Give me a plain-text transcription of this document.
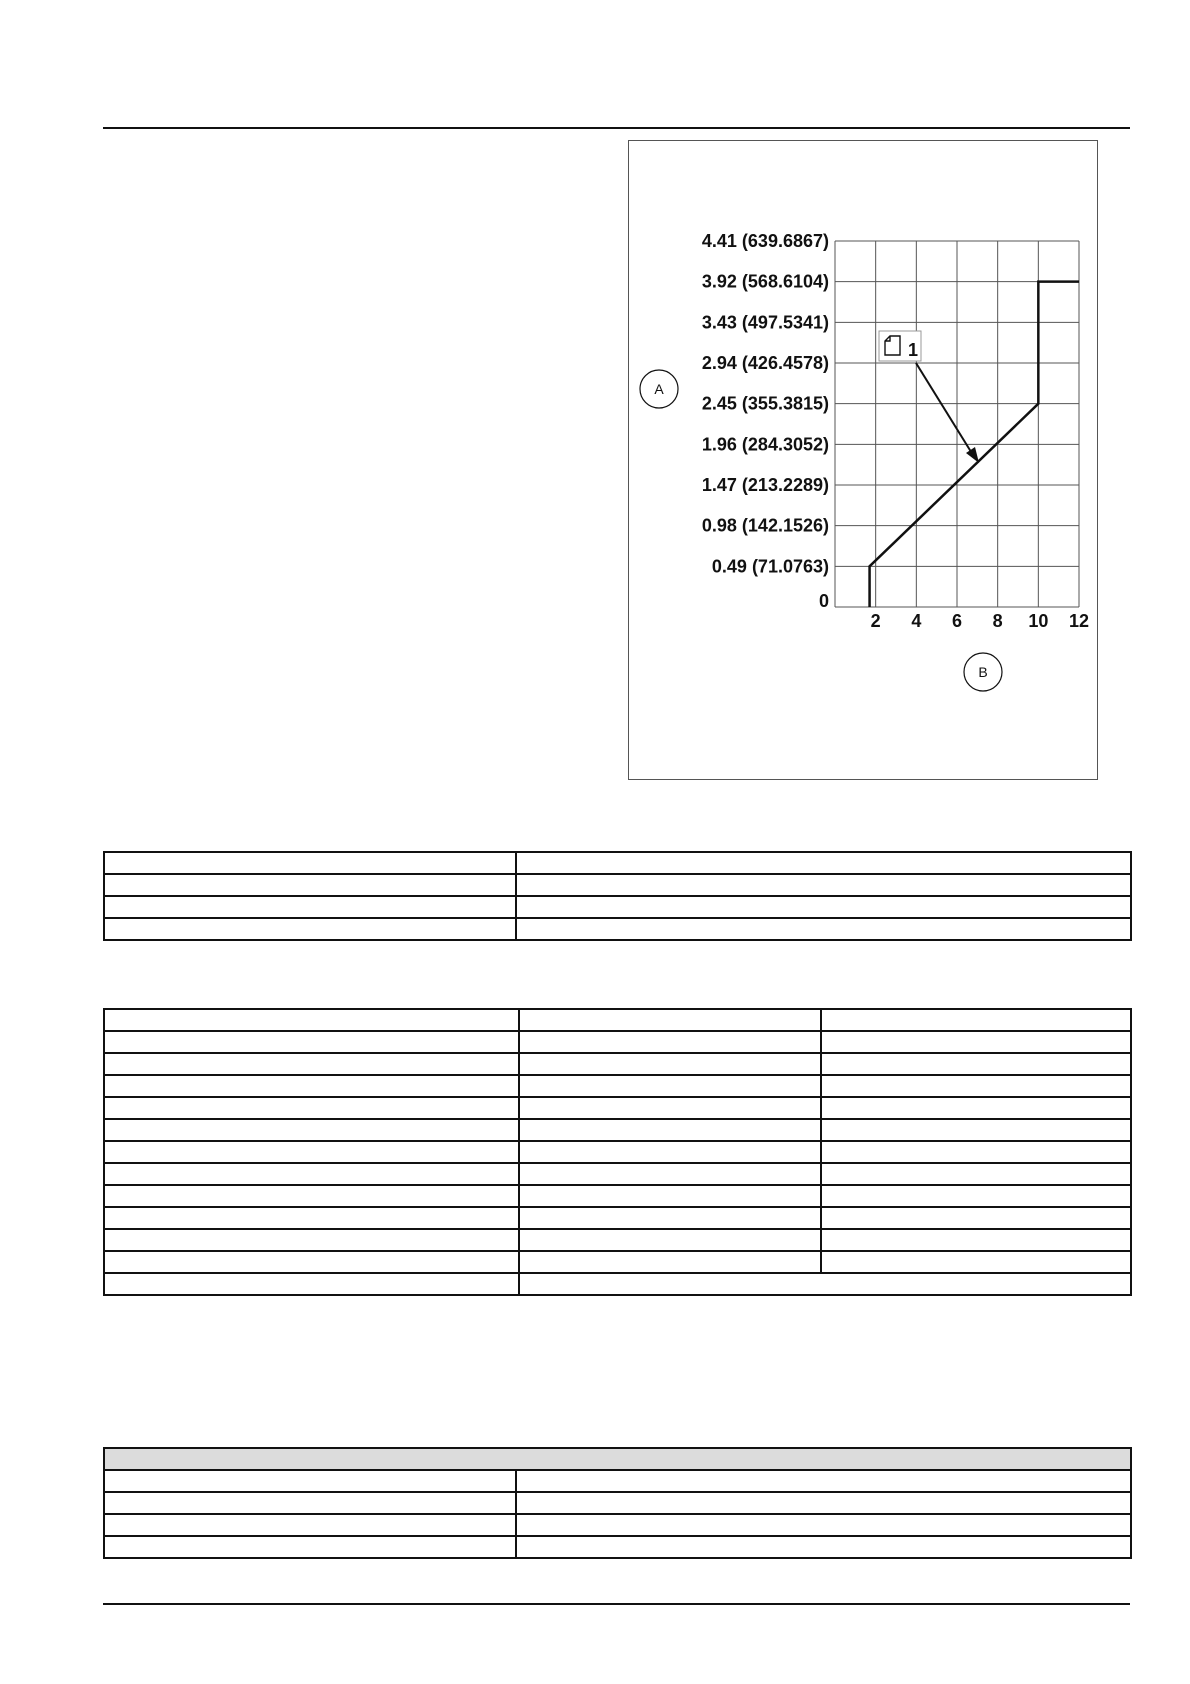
0
0.49 (71.0763)
0.98 (142.1526)
1.47 (213.2289)
1.96 (284.3052)
2.45 (355.3815)
2.94 (426.4578)
3.43 (497.5341)
3.92 (568.6104)
4.41 (639.6867)
2 4 6 8 10 12
A
B
1
